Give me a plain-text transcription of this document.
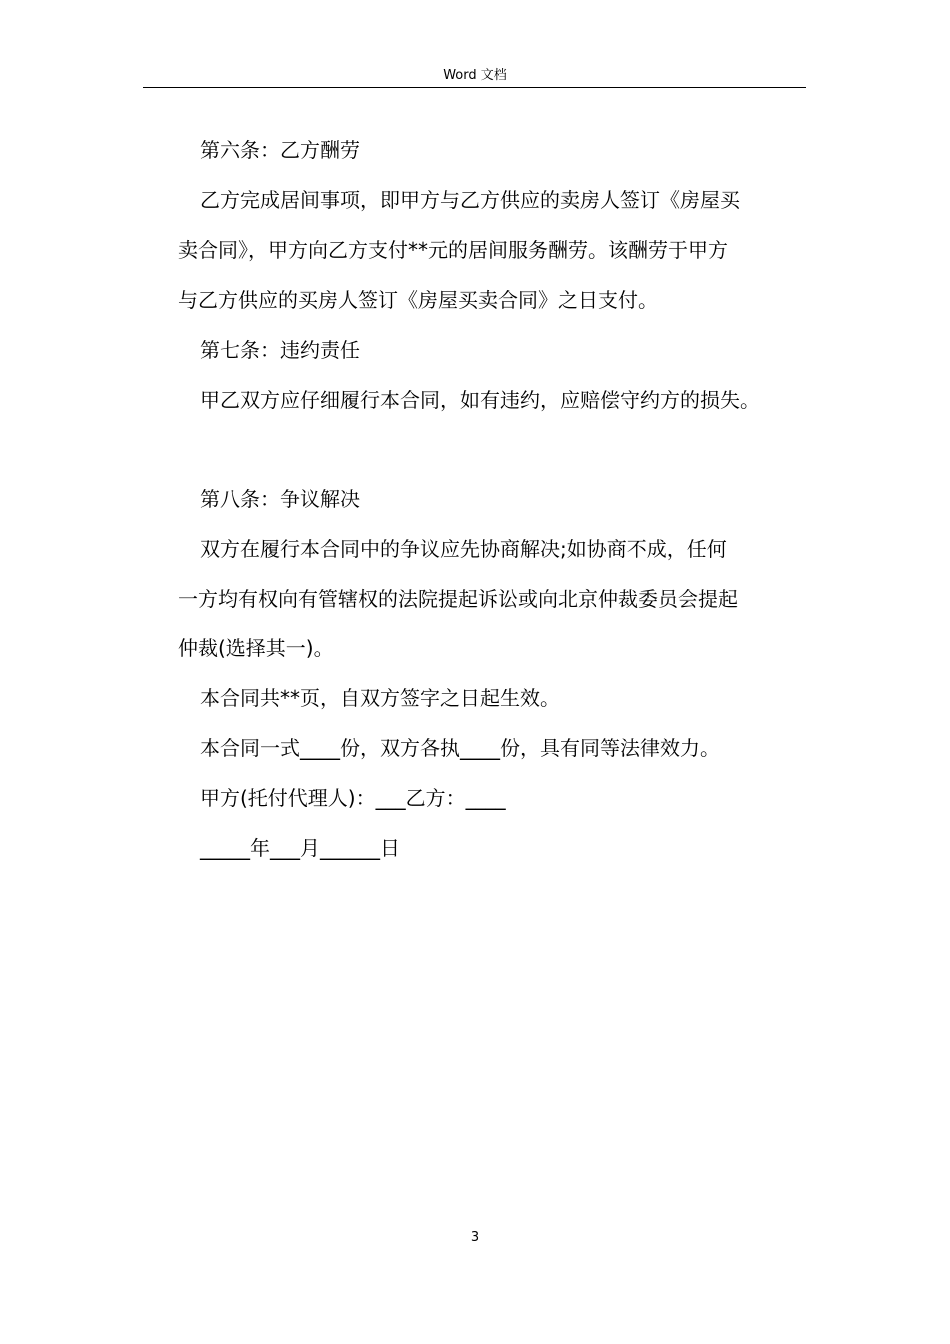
Word 文档
第六条：乙方酬劳
乙方完成居间事项，即甲方与乙方供应的卖房人签订《房屋买
卖合同》，甲方向乙方支付**元的居间服务酬劳。该酬劳于甲方
与乙方供应的买房人签订《房屋买卖合同》之日支付。
第七条：违约责任
甲乙双方应仔细履行本合同，如有违约，应赔偿守约方的损失。
第八条：争议解决
双方在履行本合同中的争议应先协商解决;如协商不成，任何
一方均有权向有管辖权的法院提起诉讼或向北京仲裁委员会提起
仲裁(选择其一)。
本合同共**页，自双方签字之日起生效。
本合同一式____份，双方各执____份，具有同等法律效力。
甲方(托付代理人)：___乙方：____
_____年___月______日
3
